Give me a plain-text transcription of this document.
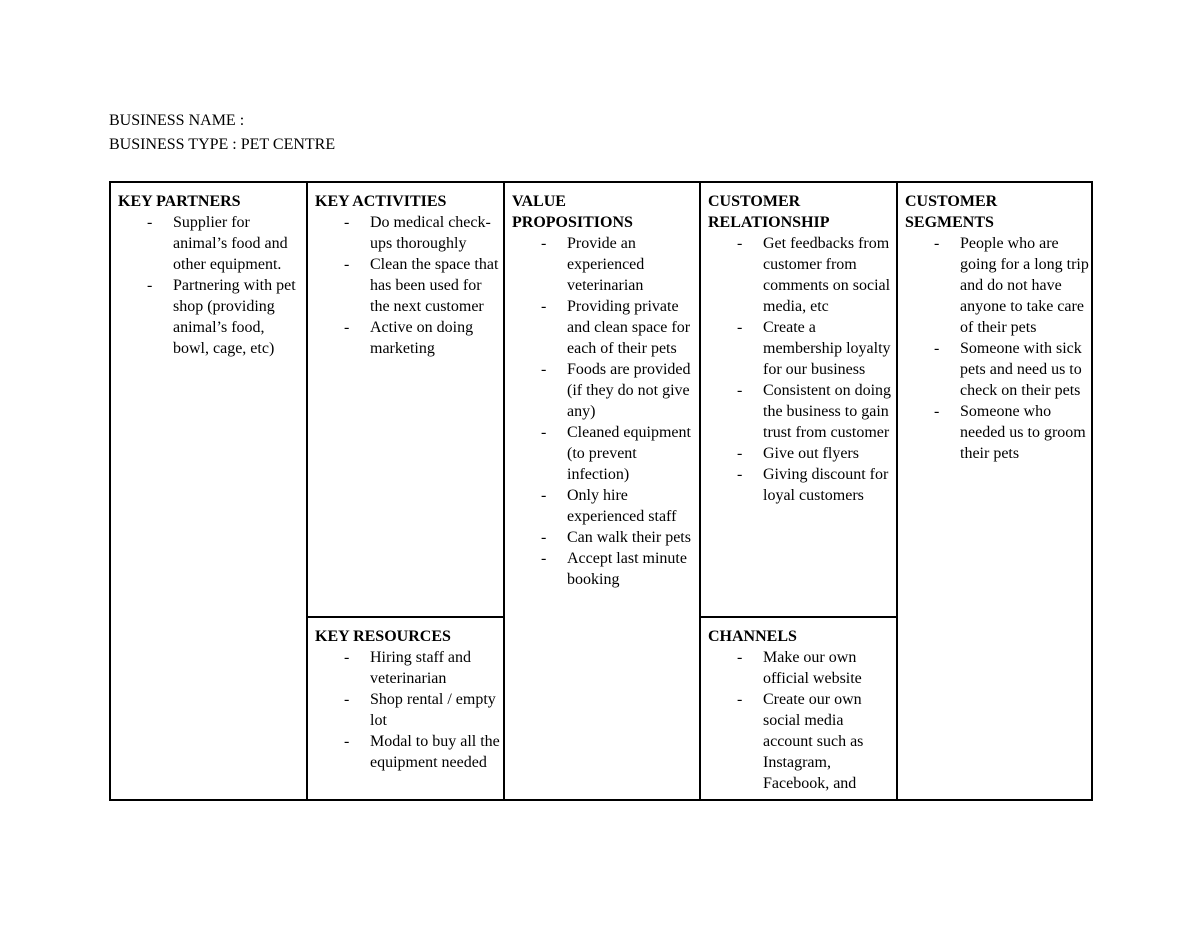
BUSINESS NAME :
BUSINESS TYPE : PET CENTRE
KEY PARTNERS
- Supplier for animal’s food and other equipment.
- Partnering with pet shop (providing animal’s food, bowl, cage, etc)
KEY ACTIVITIES
- Do medical check-ups thoroughly
- Clean the space that has been used for the next customer
- Active on doing marketing
KEY RESOURCES
- Hiring staff and veterinarian
- Shop rental / empty lot
- Modal to buy all the equipment needed
VALUE PROPOSITIONS
- Provide an experienced veterinarian
- Providing private and clean space for each of their pets
- Foods are provided (if they do not give any)
- Cleaned equipment (to prevent infection)
- Only hire experienced staff
- Can walk their pets
- Accept last minute booking
CUSTOMER RELATIONSHIP
- Get feedbacks from customer from comments on social media, etc
- Create a membership loyalty for our business
- Consistent on doing the business to gain trust from customer
- Give out flyers
- Giving discount for loyal customers
CHANNELS
- Make our own official website
- Create our own social media account such as Instagram, Facebook, and
CUSTOMER SEGMENTS
- People who are going for a long trip and do not have anyone to take care of their pets
- Someone with sick pets and need us to check on their pets
- Someone who needed us to groom their pets
